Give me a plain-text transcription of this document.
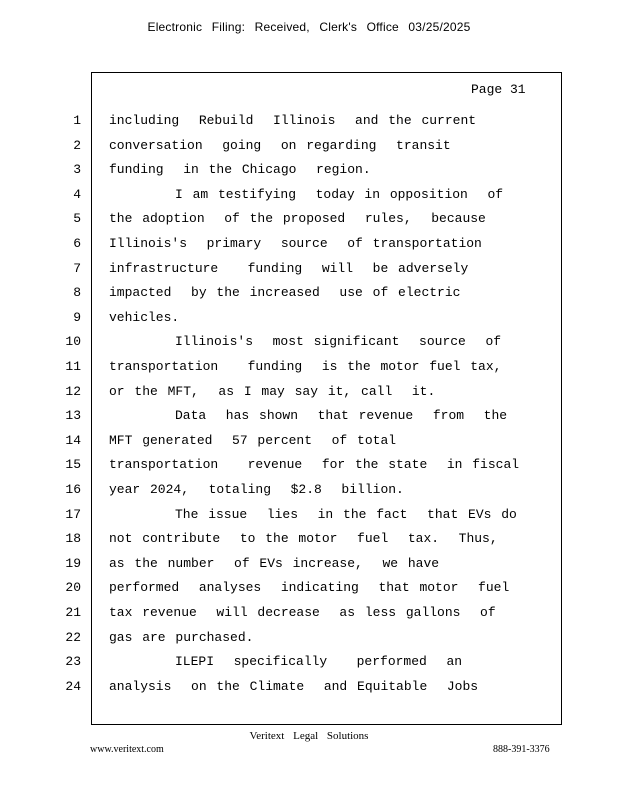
Electronic Filing: Received, Clerk's Office 03/25/2025
Page 31
1 including  Rebuild  Illinois  and the current
2 conversation  going  on regarding  transit
3 funding  in the Chicago  region.
4	I am testifying  today in opposition  of
5 the adoption  of the proposed  rules,  because
6 Illinois's  primary  source  of transportation
7 infrastructure   funding  will  be adversely
8 impacted  by the increased  use of electric
9 vehicles.
10	Illinois's  most significant  source  of
11 transportation   funding  is the motor fuel tax,
12 or the MFT,  as I may say it, call  it.
13	Data  has shown  that revenue  from  the
14 MFT generated  57 percent  of total
15 transportation   revenue  for the state  in fiscal
16 year 2024,  totaling  $2.8  billion.
17	The issue  lies  in the fact  that EVs do
18 not contribute  to the motor  fuel  tax.  Thus,
19 as the number  of EVs increase,  we have
20 performed  analyses  indicating  that motor  fuel
21 tax revenue  will decrease  as less gallons  of
22 gas are purchased.
23	ILEPI  specifically   performed  an
24 analysis  on the Climate  and Equitable  Jobs
Veritext Legal Solutions
www.veritext.com	888-391-3376
